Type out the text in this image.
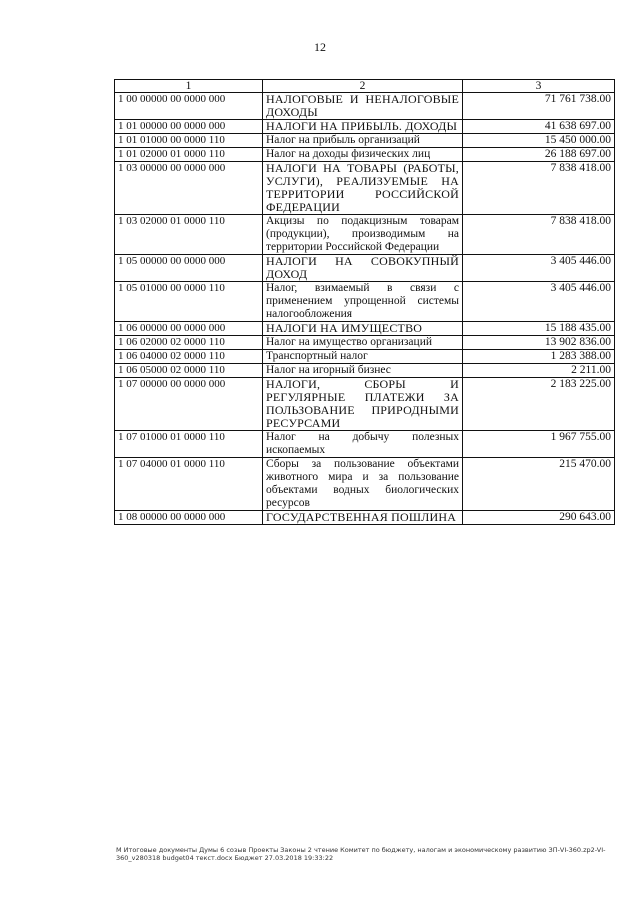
12
1	2	3
1 00 00000 00 0000 000	НАЛОГОВЫЕ И НЕНАЛОГОВЫЕ ДОХОДЫ	71 761 738.00
1 01 00000 00 0000 000	НАЛОГИ НА ПРИБЫЛЬ. ДОХОДЫ	41 638 697.00
1 01 01000 00 0000 110	Налог на прибыль организаций	15 450 000.00
1 01 02000 01 0000 110	Налог на доходы физических лиц	26 188 697.00
1 03 00000 00 0000 000	НАЛОГИ НА ТОВАРЫ (РАБОТЫ, УСЛУГИ), РЕАЛИЗУЕМЫЕ НА ТЕРРИТОРИИ РОССИЙСКОЙ ФЕДЕРАЦИИ	7 838 418.00
1 03 02000 01 0000 110	Акцизы по подакцизным товарам (продукции), производимым на территории Российской Федерации	7 838 418.00
1 05 00000 00 0000 000	НАЛОГИ НА СОВОКУПНЫЙ ДОХОД	3 405 446.00
1 05 01000 00 0000 110	Налог, взимаемый в связи с применением упрощенной системы налогообложения	3 405 446.00
1 06 00000 00 0000 000	НАЛОГИ НА ИМУЩЕСТВО	15 188 435.00
1 06 02000 02 0000 110	Налог на имущество организаций	13 902 836.00
1 06 04000 02 0000 110	Транспортный налог	1 283 388.00
1 06 05000 02 0000 110	Налог на игорный бизнес	2 211.00
1 07 00000 00 0000 000	НАЛОГИ, СБОРЫ И РЕГУЛЯРНЫЕ ПЛАТЕЖИ ЗА ПОЛЬЗОВАНИЕ ПРИРОДНЫМИ РЕСУРСАМИ	2 183 225.00
1 07 01000 01 0000 110	Налог на добычу полезных ископаемых	1 967 755.00
1 07 04000 01 0000 110	Сборы за пользование объектами животного мира и за пользование объектами водных биологических ресурсов	215 470.00
1 08 00000 00 0000 000	ГОСУДАРСТВЕННАЯ ПОШЛИНА	290 643.00
М Итоговые документы Думы 6 созыв Проекты Законы 2 чтение Комитет по бюджету, налогам и экономическому развитию ЗП-VI-360.zp2-VI-360_v280318 budget04 текст.docx Бюджет 27.03.2018 19:33:22
